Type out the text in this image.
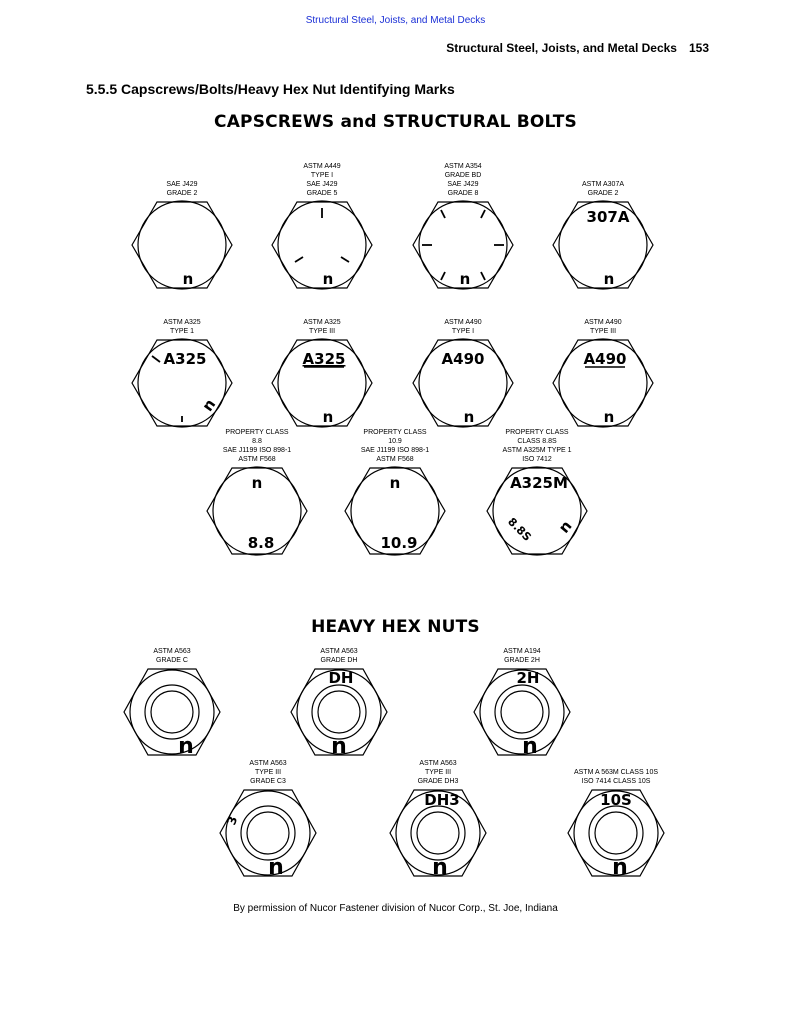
Structural Steel, Joists, and Metal Decks
Structural Steel, Joists, and Metal Decks 153
5.5.5 Capscrews/Bolts/Heavy Hex Nut Identifying Marks
CAPSCREWS and STRUCTURAL BOLTS
SAE J429
GRADE 2
n
ASTM A449
TYPE I
SAE J429
GRADE 5
n
ASTM A354
GRADE BD
SAE J429
GRADE 8
n
ASTM A307A
GRADE 2
307A
n
ASTM A325
TYPE 1
A325
n
ASTM A325
TYPE III
A325
n
ASTM A490
TYPE I
A490
n
ASTM A490
TYPE III
A490
n
PROPERTY CLASS
8.8
SAE J1199 ISO 898-1
ASTM F568
n
8.8
PROPERTY CLASS
10.9
SAE J1199 ISO 898-1
ASTM F568
n
10.9
PROPERTY CLASS
CLASS 8.8S
ASTM A325M TYPE 1
ISO 7412
A325M
8.8S n
HEAVY HEX NUTS
ASTM A563
GRADE C
n
ASTM A563
GRADE DH
DH
n
ASTM A194
GRADE 2H
2H
n
ASTM A563
TYPE III
GRADE C3
3
n
ASTM A563
TYPE III
GRADE DH3
DH3
n
ASTM A 563M CLASS 10S
ISO 7414 CLASS 10S
10S
n
By permission of Nucor Fastener division of Nucor Corp., St. Joe, Indiana
